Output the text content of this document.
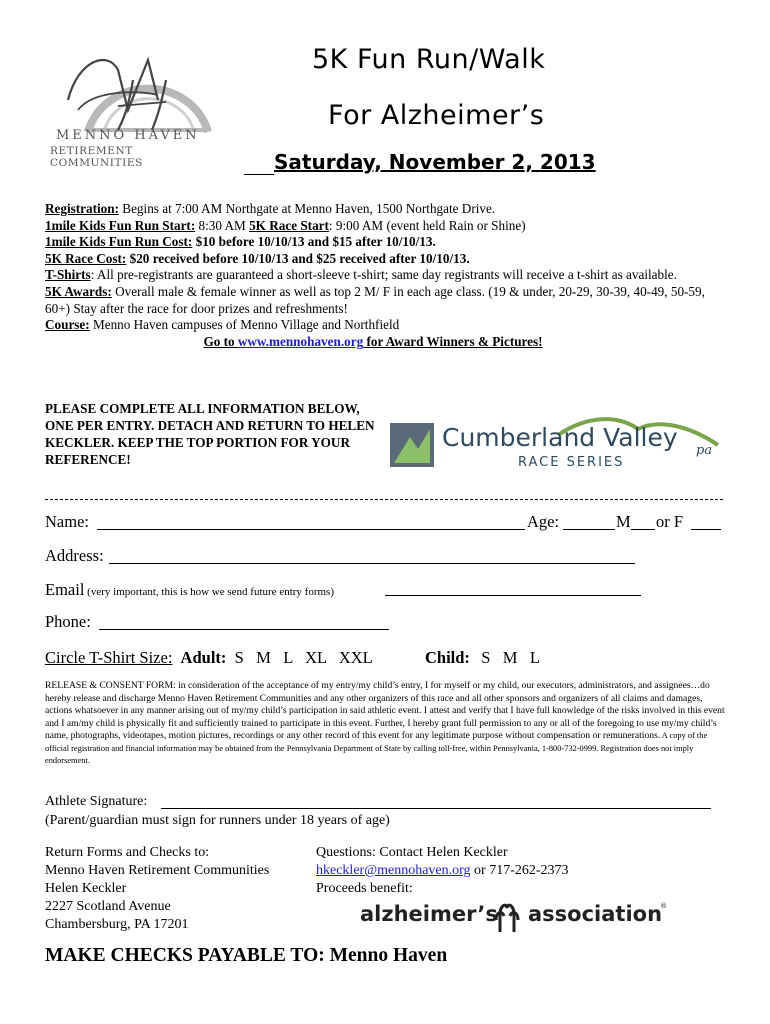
MENNO HAVEN
RETIREMENT COMMUNITIES
5K Fun Run/Walk
For Alzheimer’s
Saturday, November 2, 2013
Registration: Begins at 7:00 AM Northgate at Menno Haven, 1500 Northgate Drive.
1mile Kids Fun Run Start: 8:30 AM 5K Race Start: 9:00 AM (event held Rain or Shine)
1mile Kids Fun Run Cost: $10 before 10/10/13 and $15 after 10/10/13.
5K Race Cost: $20 received before 10/10/13 and $25 received after 10/10/13.
T-Shirts: All pre-registrants are guaranteed a short-sleeve t-shirt; same day registrants will receive a t-shirt as available.
5K Awards: Overall male & female winner as well as top 2 M/ F in each age class. (19 & under, 20-29, 30-39, 40-49, 50-59, 60+) Stay after the race for door prizes and refreshments!
Course: Menno Haven campuses of Menno Village and Northfield
Go to www.mennohaven.org for Award Winners & Pictures!
PLEASE COMPLETE ALL INFORMATION BELOW, ONE PER ENTRY. DETACH AND RETURN TO HELEN KECKLER. KEEP THE TOP PORTION FOR YOUR REFERENCE!
Cumberland Valley pa
RACE SERIES
Name:	Age:	M or F
Address:
Email (very important, this is how we send future entry forms)
Phone:
Circle T-Shirt Size: Adult:  S   M   L   XL   XXL	Child: S   M   L
RELEASE & CONSENT FORM: in consideration of the acceptance of my entry/my child’s entry, I for myself or my child, our executors, administrators, and assignees…do hereby release and discharge Menno Haven Retirement Communities and any other organizers of this race and all other sponsors and organizers of all claims and damages, actions whatsoever in any manner arising out of my/my child’s participation in said athletic event. I attest and verify that I have full knowledge of the risks involved in this event and I am/my child is physically fit and sufficiently trained to participate in this event. Further, I hereby grant full permission to any or all of the foregoing to use my/my child’s name, photographs, videotapes, motion pictures, recordings or any other record of this event for any legitimate purpose without compensation or remunerations. A copy of the official registration and financial information may be obtained from the Pennsylvania Department of State by calling toll-free, within Pennsylvania, 1-800-732-0999. Registration does not imply endorsement.
Athlete Signature:
(Parent/guardian must sign for runners under 18 years of age)
Return Forms and Checks to:
Menno Haven Retirement Communities
Helen Keckler
2227 Scotland Avenue
Chambersburg, PA 17201
Questions: Contact Helen Keckler
hkeckler@mennohaven.org or 717-262-2373
Proceeds benefit:
alzheimer’s association
®
MAKE CHECKS PAYABLE TO: Menno Haven
